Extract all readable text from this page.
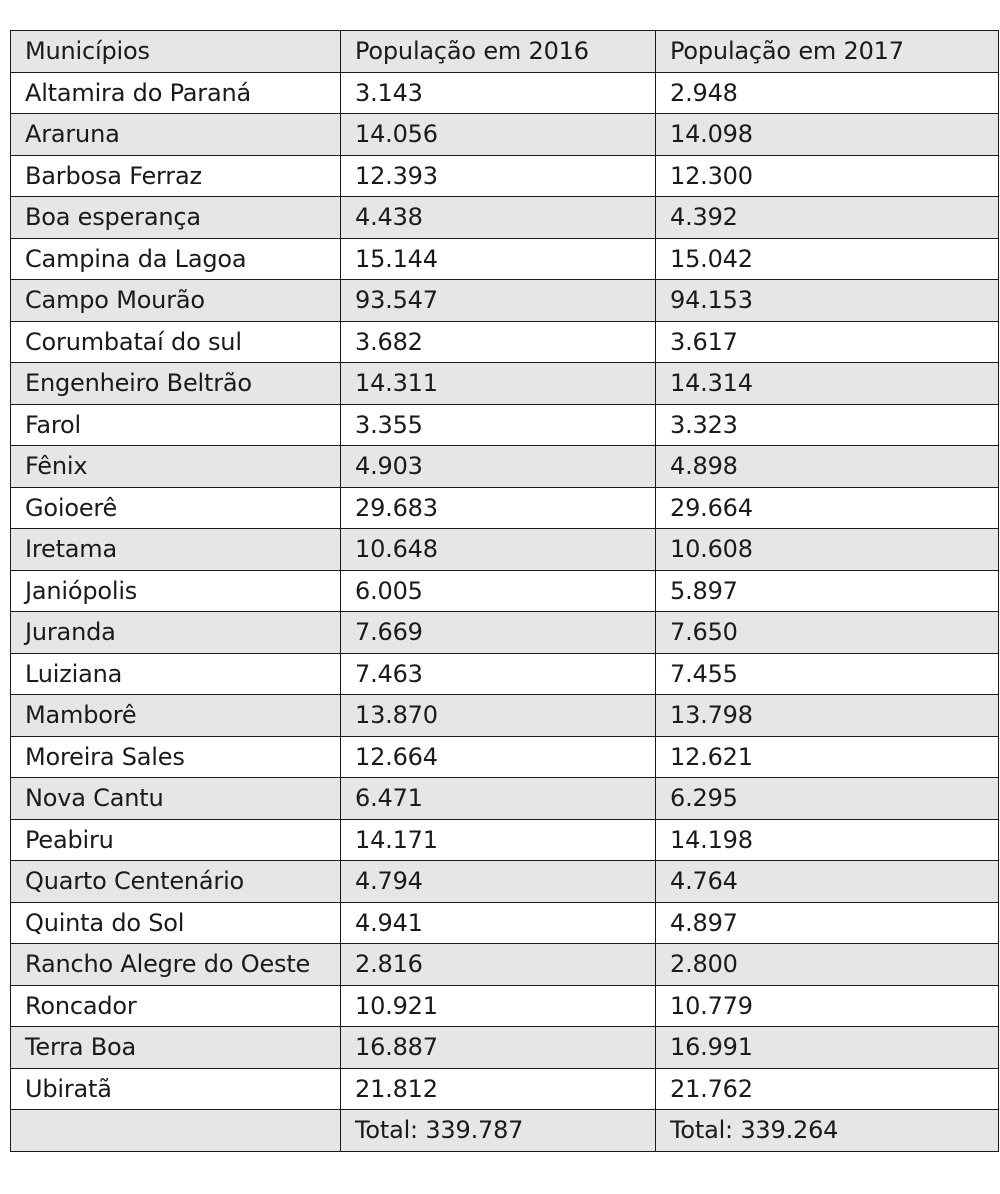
Municípios	População em 2016	População em 2017
Altamira do Paraná	3.143	2.948
Araruna	14.056	14.098
Barbosa Ferraz	12.393	12.300
Boa esperança	4.438	4.392
Campina da Lagoa	15.144	15.042
Campo Mourão	93.547	94.153
Corumbataí do sul	3.682	3.617
Engenheiro Beltrão	14.311	14.314
Farol	3.355	3.323
Fênix	4.903	4.898
Goioerê	29.683	29.664
Iretama	10.648	10.608
Janiópolis	6.005	5.897
Juranda	7.669	7.650
Luiziana	7.463	7.455
Mamborê	13.870	13.798
Moreira Sales	12.664	12.621
Nova Cantu	6.471	6.295
Peabiru	14.171	14.198
Quarto Centenário	4.794	4.764
Quinta do Sol	4.941	4.897
Rancho Alegre do Oeste	2.816	2.800
Roncador	10.921	10.779
Terra Boa	16.887	16.991
Ubiratã	21.812	21.762
	Total: 339.787	Total: 339.264
